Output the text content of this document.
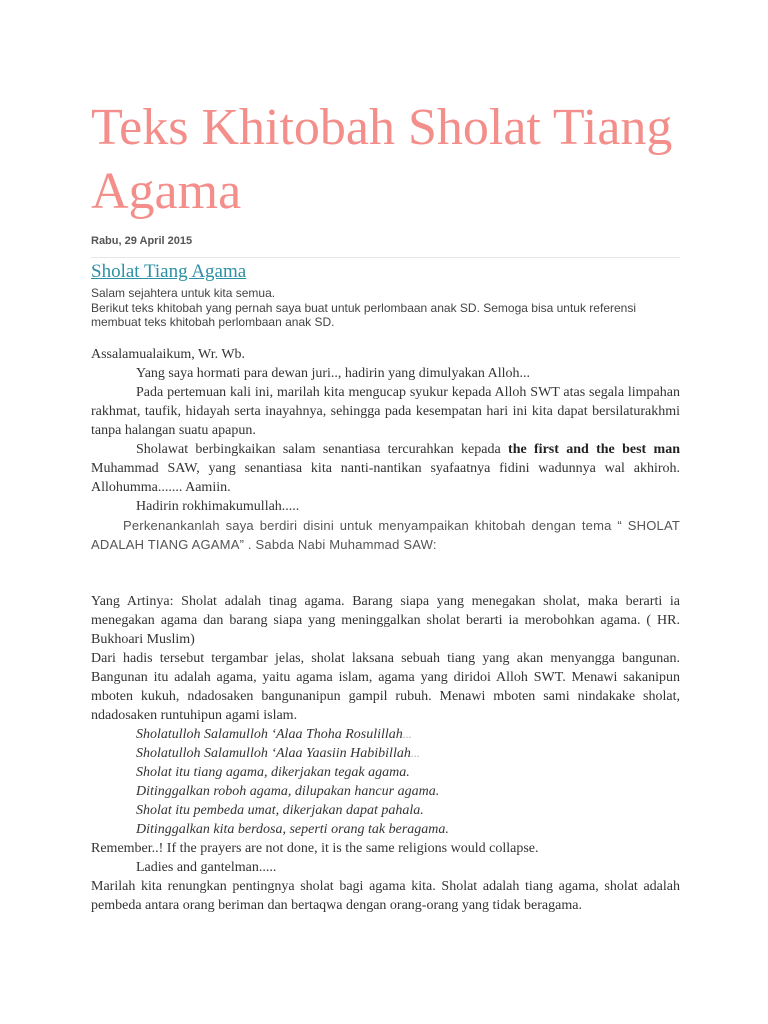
Teks Khitobah Sholat Tiang Agama
Rabu, 29 April 2015
Sholat Tiang Agama

Salam sejahtera untuk kita semua.

Berikut teks khitobah yang pernah saya buat untuk perlombaan anak SD. Semoga bisa untuk referensi membuat teks khitobah perlombaan anak SD.

Assalamualaikum, Wr. Wb.

Yang saya hormati para dewan juri.., hadirin yang dimulyakan Alloh...

Pada pertemuan kali ini, marilah kita mengucap syukur kepada Alloh SWT atas segala limpahan rakhmat, taufik, hidayah serta inayahnya, sehingga pada kesempatan hari ini kita dapat bersilaturakhmi tanpa halangan suatu apapun.

Sholawat berbingkaikan salam senantiasa tercurahkan kepada the first and the best man Muhammad SAW, yang senantiasa kita nanti-nantikan syafaatnya fidini wadunnya wal akhiroh. Allohumma....... Aamiin.

Hadirin rokhimakumullah.....

Perkenankanlah saya berdiri disini untuk menyampaikan khitobah dengan tema “ SHOLAT ADALAH TIANG AGAMA” . Sabda Nabi Muhammad SAW:

Yang Artinya: Sholat adalah tinag agama. Barang siapa yang menegakan sholat, maka berarti ia menegakan agama dan barang siapa yang meninggalkan sholat berarti ia merobohkan agama. ( HR. Bukhoari Muslim)

Dari hadis tersebut tergambar jelas, sholat laksana sebuah tiang yang akan menyangga bangunan. Bangunan itu adalah agama, yaitu agama islam, agama yang diridoi Alloh SWT. Menawi sakanipun mboten kukuh, ndadosaken bangunanipun gampil rubuh. Menawi mboten sami nindakake sholat, ndadosaken runtuhipun agami islam.

Sholatulloh Salamulloh ‘Alaa Thoha Rosulillah...

Sholatulloh Salamulloh ‘Alaa Yaasiin Habibillah...

Sholat itu tiang agama, dikerjakan tegak agama.

Ditinggalkan roboh agama, dilupakan hancur agama.

Sholat itu pembeda umat, dikerjakan dapat pahala.

Ditinggalkan kita berdosa, seperti orang tak beragama.

Remember..! If the prayers are not done, it is the same religions would collapse.

Ladies and gantelman.....

Marilah kita renungkan pentingnya sholat bagi agama kita. Sholat adalah tiang agama, sholat adalah pembeda antara orang beriman dan bertaqwa dengan orang-orang yang tidak beragama.
